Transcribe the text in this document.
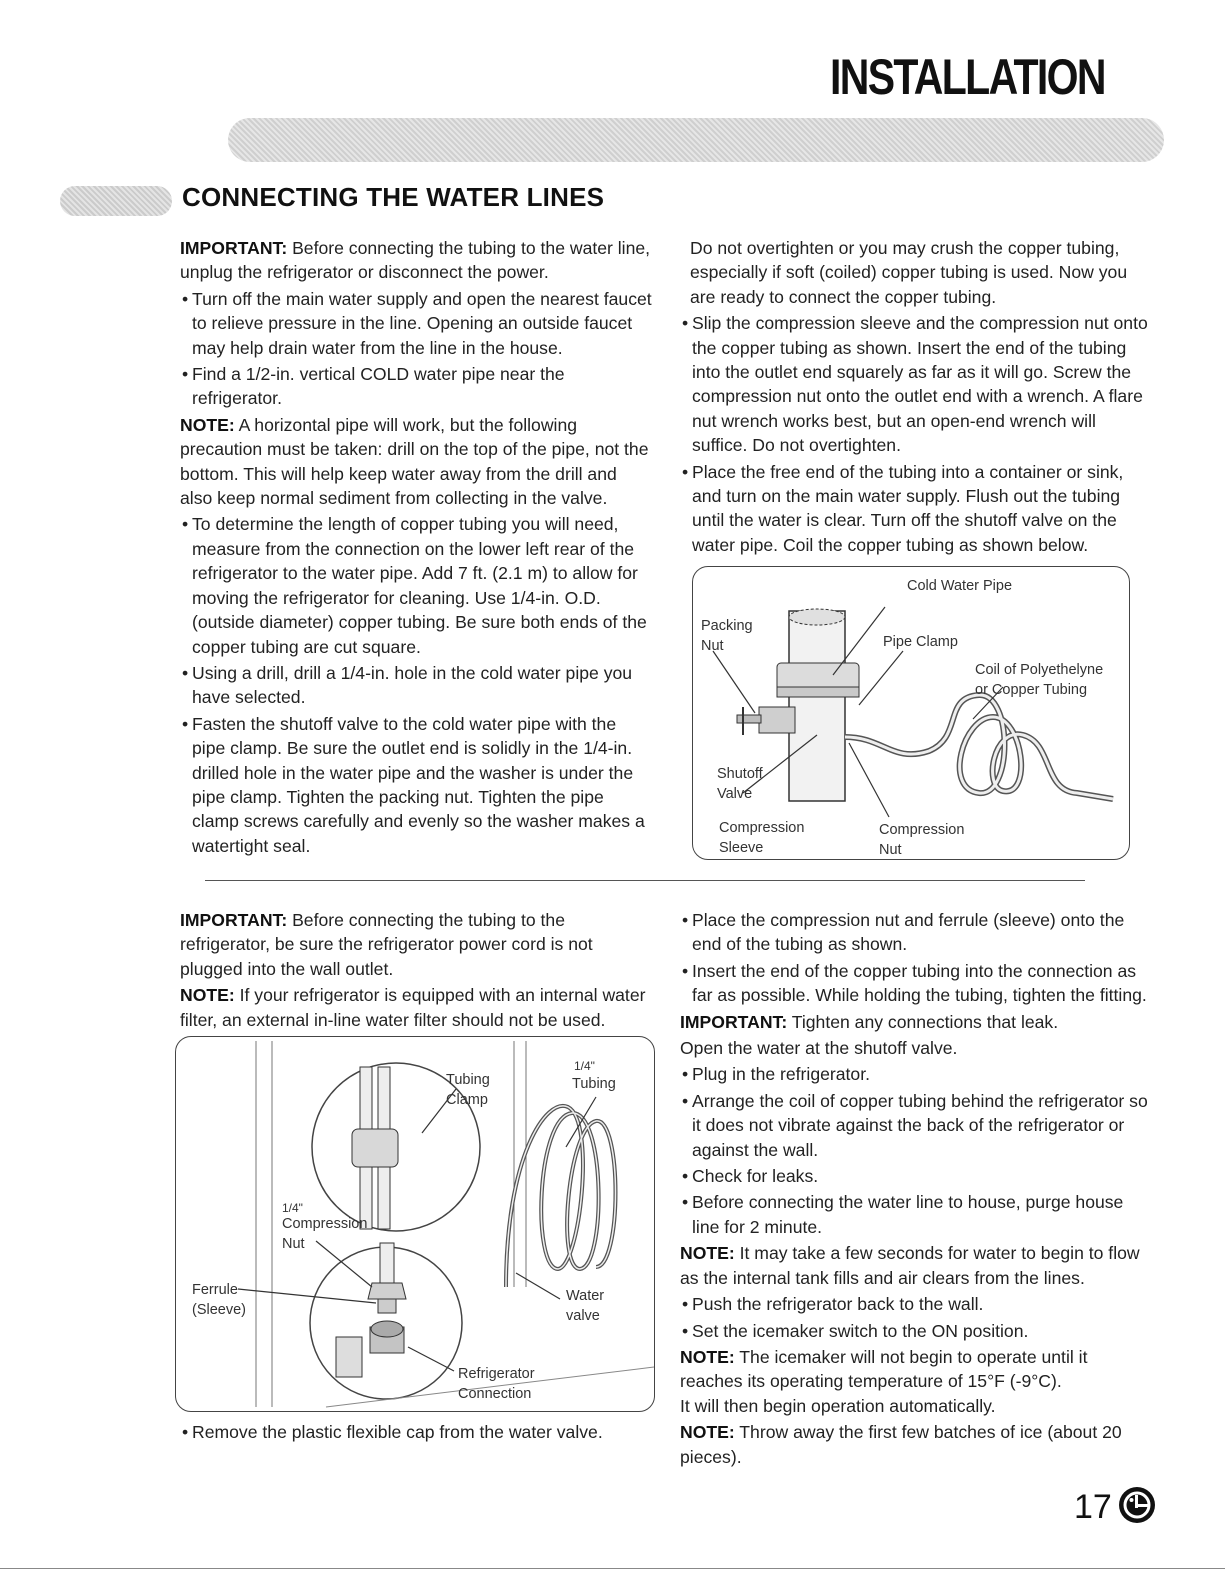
INSTALLATION
CONNECTING THE WATER LINES

IMPORTANT: Before connecting the tubing to the water line, unplug the refrigerator or disconnect the power.

• Turn off the main water supply and open the nearest faucet to relieve pressure in the line. Opening an outside faucet may help drain water from the line in the house.

• Find a 1/2-in. vertical COLD water pipe near the refrigerator.

NOTE: A horizontal pipe will work, but the following precaution must be taken: drill on the top of the pipe, not the bottom. This will help keep water away from the drill and also keep normal sediment from collecting in the valve.

• To determine the length of copper tubing you will need, measure from the connection on the lower left rear of the refrigerator to the water pipe. Add 7 ft. (2.1 m) to allow for moving the refrigerator for cleaning. Use 1/4-in. O.D. (outside diameter) copper tubing. Be sure both ends of the copper tubing are cut square.

• Using a drill, drill a 1/4-in. hole in the cold water pipe you have selected.

• Fasten the shutoff valve to the cold water pipe with the pipe clamp. Be sure the outlet end is solidly in the 1/4-in. drilled hole in the water pipe and the washer is under the pipe clamp. Tighten the packing nut. Tighten the pipe clamp screws carefully and evenly so the washer makes a watertight seal.

Do not overtighten or you may crush the copper tubing, especially if soft (coiled) copper tubing is used. Now you are ready to connect the copper tubing.

• Slip the compression sleeve and the compression nut onto the copper tubing as shown. Insert the end of the tubing into the outlet end squarely as far as it will go. Screw the compression nut onto the outlet end with a wrench. A flare nut wrench works best, but an open-end wrench will suffice. Do not overtighten.

• Place the free end of the tubing into a container or sink, and turn on the main water supply. Flush out the tubing until the water is clear. Turn off the shutoff valve on the water pipe. Coil the copper tubing as shown below.

Cold Water Pipe
Packing
Nut	Pipe Clamp
Coil of Polyethelyne
or Copper Tubing
Shutoff
Valve
Compression
Sleeve
Compression
Nut

IMPORTANT: Before connecting the tubing to the refrigerator, be sure the refrigerator power cord is not plugged into the wall outlet.

NOTE: If your refrigerator is equipped with an internal water filter, an external in-line water filter should not be used.

Tubing
Clamp
1/4"
Tubing
1/4"
Compression
Nut
Ferrule
(Sleeve)
Water
valve
Refrigerator
Connection

• Remove the plastic flexible cap from the water valve.

• Place the compression nut and ferrule (sleeve) onto the end of the tubing as shown.

• Insert the end of the copper tubing into the connection as far as possible. While holding the tubing, tighten the fitting.

IMPORTANT: Tighten any connections that leak.

Open the water at the shutoff valve.

• Plug in the refrigerator.

• Arrange the coil of copper tubing behind the refrigerator so it does not vibrate against the back of the refrigerator or against the wall.

• Check for leaks.

• Before connecting the water line to house, purge house line for 2 minute.

NOTE: It may take a few seconds for water to begin to flow as the internal tank fills and air clears from the lines.

• Push the refrigerator back to the wall.

• Set the icemaker switch to the ON position.

NOTE: The icemaker will not begin to operate until it reaches its operating temperature of 15°F (-9°C).

It will then begin operation automatically.

NOTE: Throw away the first few batches of ice (about 20 pieces).

17
